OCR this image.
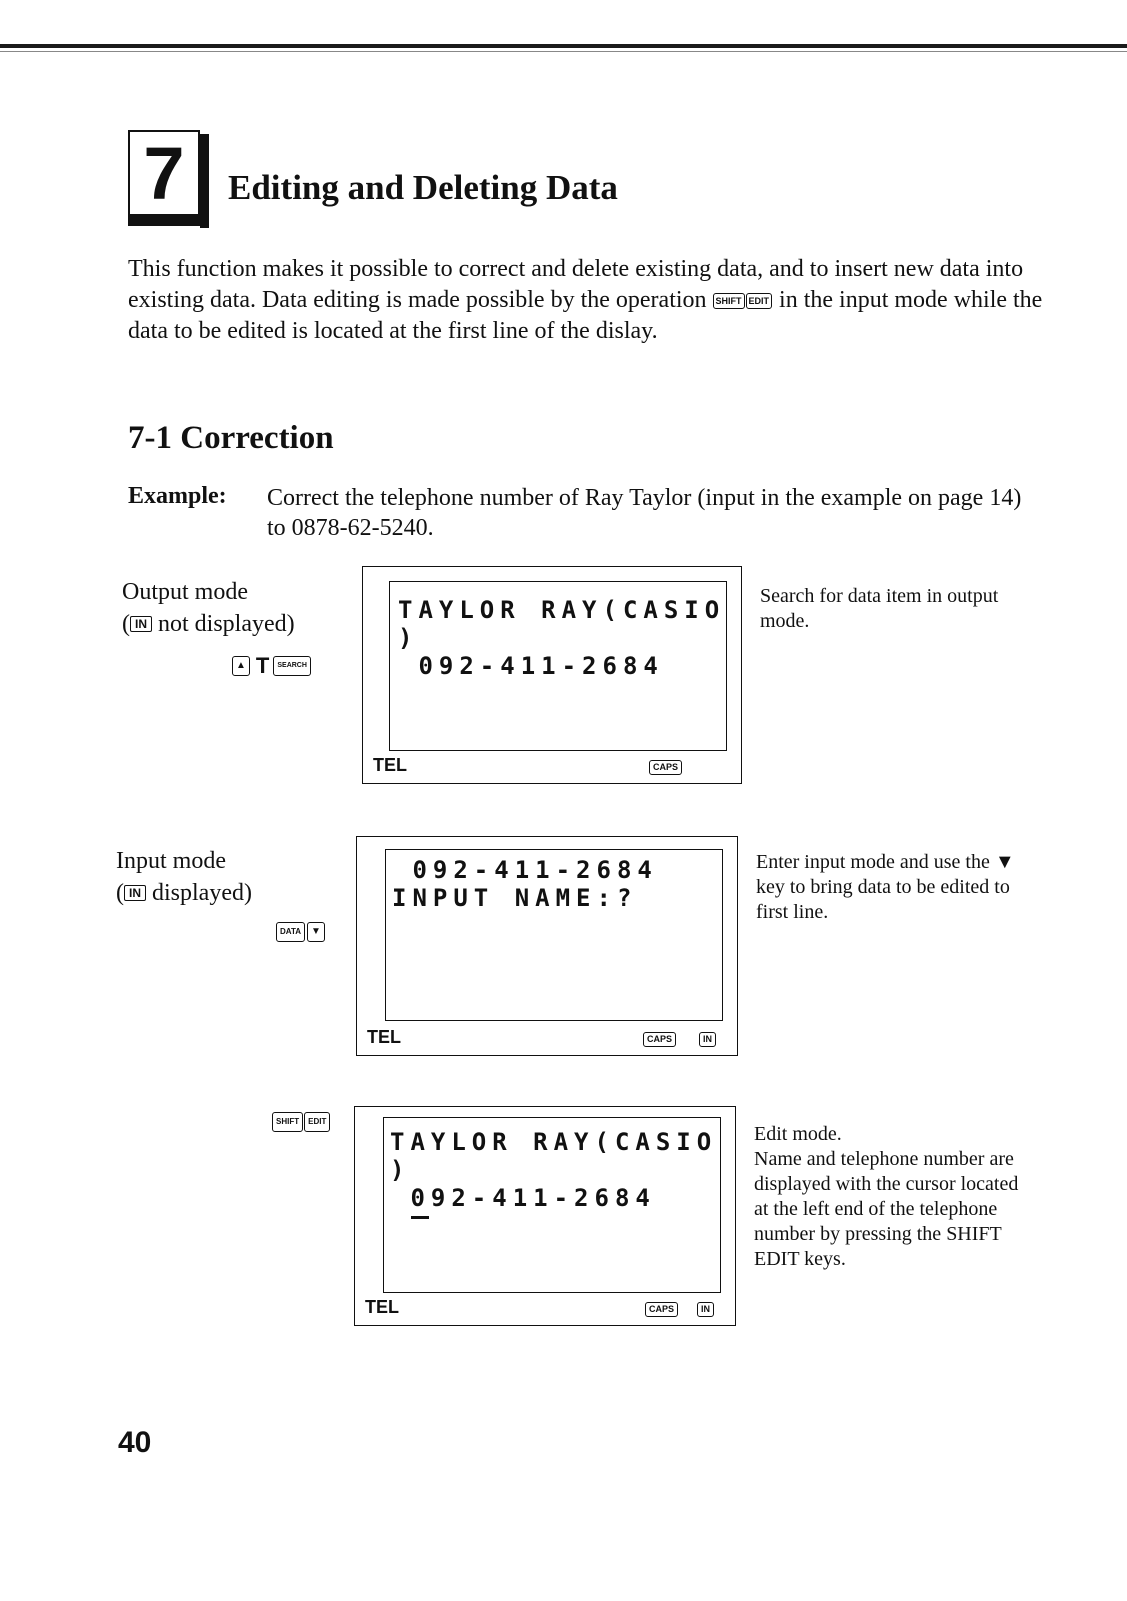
7	Editing and Deleting Data
This function makes it possible to correct and delete existing data, and to insert new data into existing data. Data editing is made possible by the operation SHIFT EDIT in the input mode while the data to be edited is located at the first line of the dislay.
7-1 Correction
Example: Correct the telephone number of Ray Taylor (input in the example on page 14) to 0878-62-5240.
Output mode
( IN not displayed)
▲ T SEARCH
TAYLOR RAY(CASIO
)
092-411-2684
TEL	CAPS
Search for data item in output mode.
Input mode
( IN displayed)
DATA ▼
092-411-2684
INPUT NAME:?
TEL	CAPS	IN
Enter input mode and use the ▼ key to bring data to be edited to first line.
SHIFT EDIT
TAYLOR RAY(CASIO
)
092-411-2684
TEL	CAPS	IN
Edit mode.
Name and telephone number are displayed with the cursor located at the left end of the telephone number by pressing the SHIFT EDIT keys.
40
